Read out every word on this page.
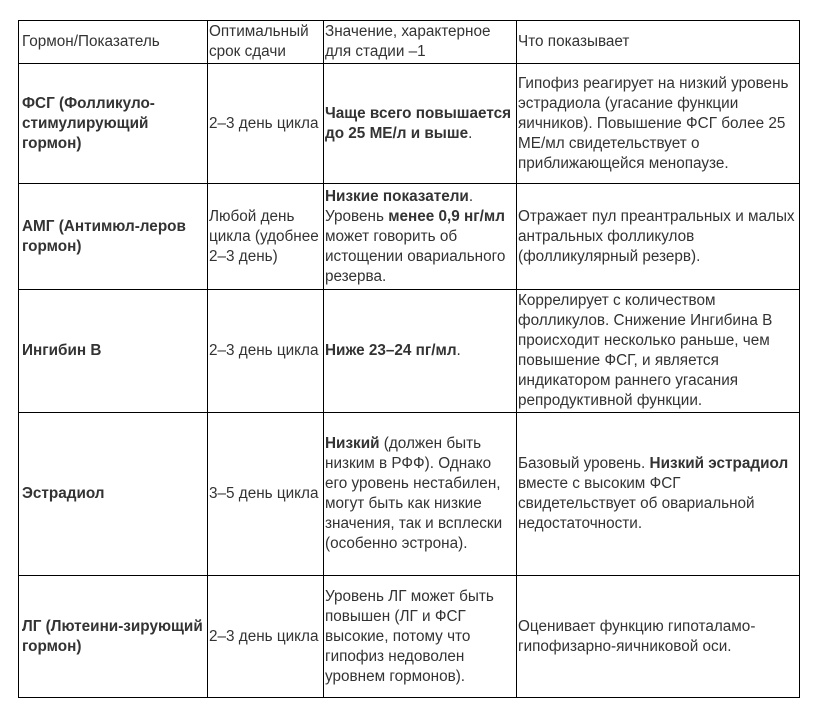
Гормон/Показатель	Оптимальный срок сдачи	Значение, характерное для стадии –1	Что показывает
ФСГ (Фолликуло-стимулирующий гормон)	2–3 день цикла	Чаще всего повышается до 25 МЕ/л и выше.	Гипофиз реагирует на низкий уровень эстрадиола (угасание функции яичников). Повышение ФСГ более 25 МЕ/мл свидетельствует о приближающейся менопаузе.
АМГ (Антимюл-леров гормон)	Любой день цикла (удобнее 2–3 день)	Низкие показатели. Уровень менее 0,9 нг/мл может говорить об истощении овариального резерва.	Отражает пул преантральных и малых антральных фолликулов (фолликулярный резерв).
Ингибин В	2–3 день цикла	Ниже 23–24 пг/мл.	Коррелирует с количеством фолликулов. Снижение Ингибина В происходит несколько раньше, чем повышение ФСГ, и является индикатором раннего угасания репродуктивной функции.
Эстрадиол	3–5 день цикла	Низкий (должен быть низким в РФФ). Однако его уровень нестабилен, могут быть как низкие значения, так и всплески (особенно эстрона).	Базовый уровень. Низкий эстрадиол вместе с высоким ФСГ свидетельствует об овариальной недостаточности.
ЛГ (Лютеини-зирующий гормон)	2–3 день цикла	Уровень ЛГ может быть повышен (ЛГ и ФСГ высокие, потому что гипофиз недоволен уровнем гормонов).	Оценивает функцию гипоталамо-гипофизарно-яичниковой оси.
